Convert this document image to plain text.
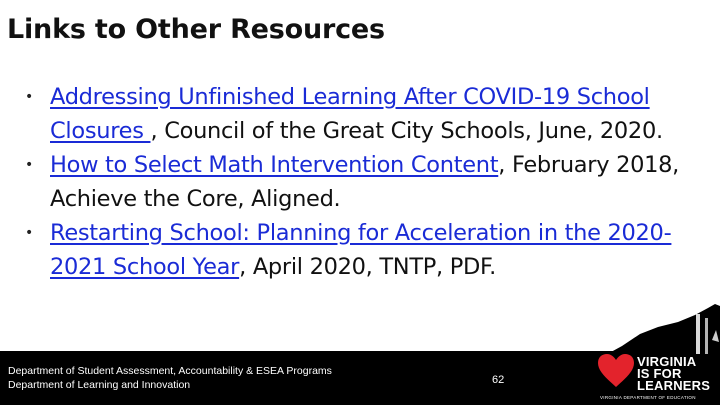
Links to Other Resources
• Addressing Unfinished Learning After COVID-19 School Closures , Council of the Great City Schools, June, 2020.
• How to Select Math Intervention Content, February 2018, Achieve the Core, Aligned.
• Restarting School: Planning for Acceleration in the 2020-2021 School Year, April 2020, TNTP, PDF.
Department of Student Assessment, Accountability & ESEA Programs
Department of Learning and Innovation	62
VIRGINIA
IS FOR
LEARNERS
VIRGINIA DEPARTMENT OF EDUCATION
